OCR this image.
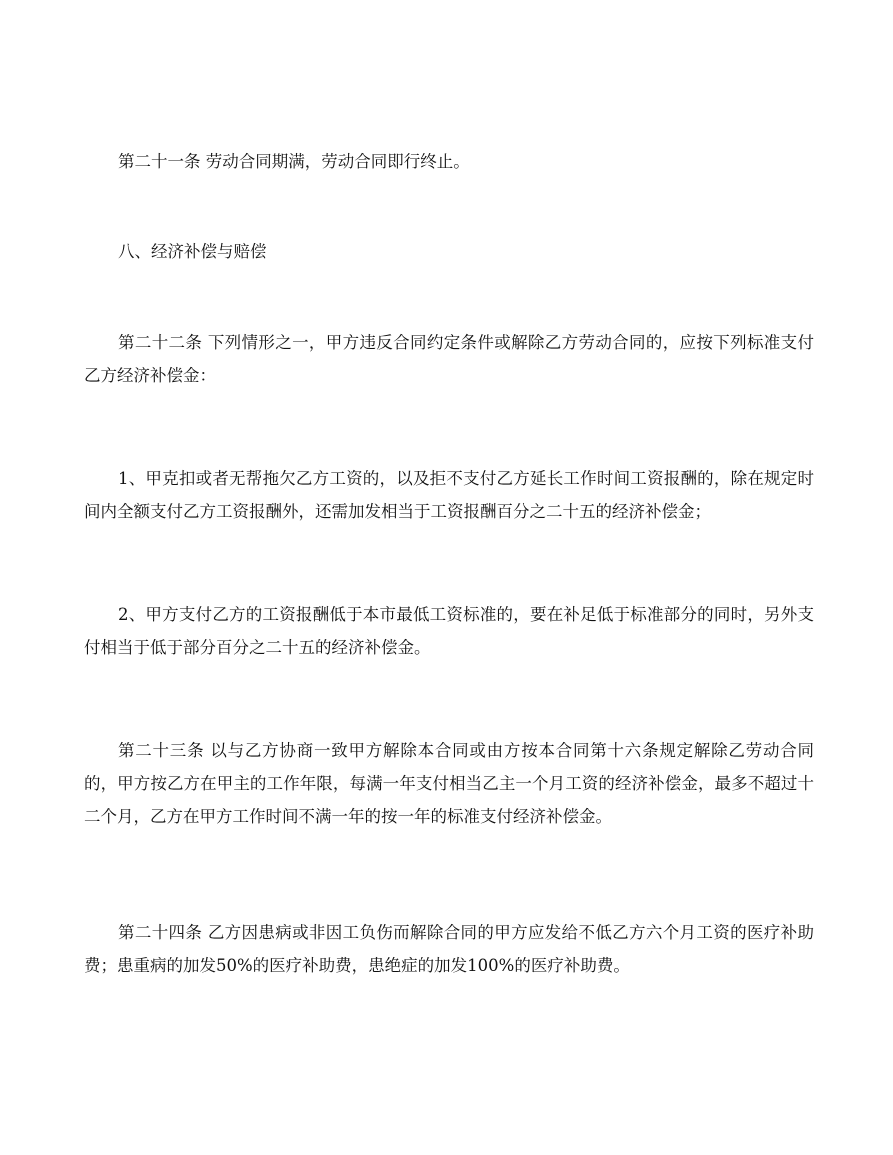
第二十一条 劳动合同期满，劳动合同即行终止。

八、经济补偿与赔偿

第二十二条 下列情形之一，甲方违反合同约定条件或解除乙方劳动合同的，应按下列标准支付乙方经济补偿金：

1、甲克扣或者无帮拖欠乙方工资的，以及拒不支付乙方延长工作时间工资报酬的，除在规定时间内全额支付乙方工资报酬外，还需加发相当于工资报酬百分之二十五的经济补偿金；

2、甲方支付乙方的工资报酬低于本市最低工资标准的，要在补足低于标准部分的同时，另外支付相当于低于部分百分之二十五的经济补偿金。

第二十三条 以与乙方协商一致甲方解除本合同或由方按本合同第十六条规定解除乙劳动合同的，甲方按乙方在甲主的工作年限，每满一年支付相当乙主一个月工资的经济补偿金，最多不超过十二个月，乙方在甲方工作时间不满一年的按一年的标准支付经济补偿金。

第二十四条 乙方因患病或非因工负伤而解除合同的甲方应发给不低乙方六个月工资的医疗补助费；患重病的加发50%的医疗补助费，患绝症的加发100%的医疗补助费。
